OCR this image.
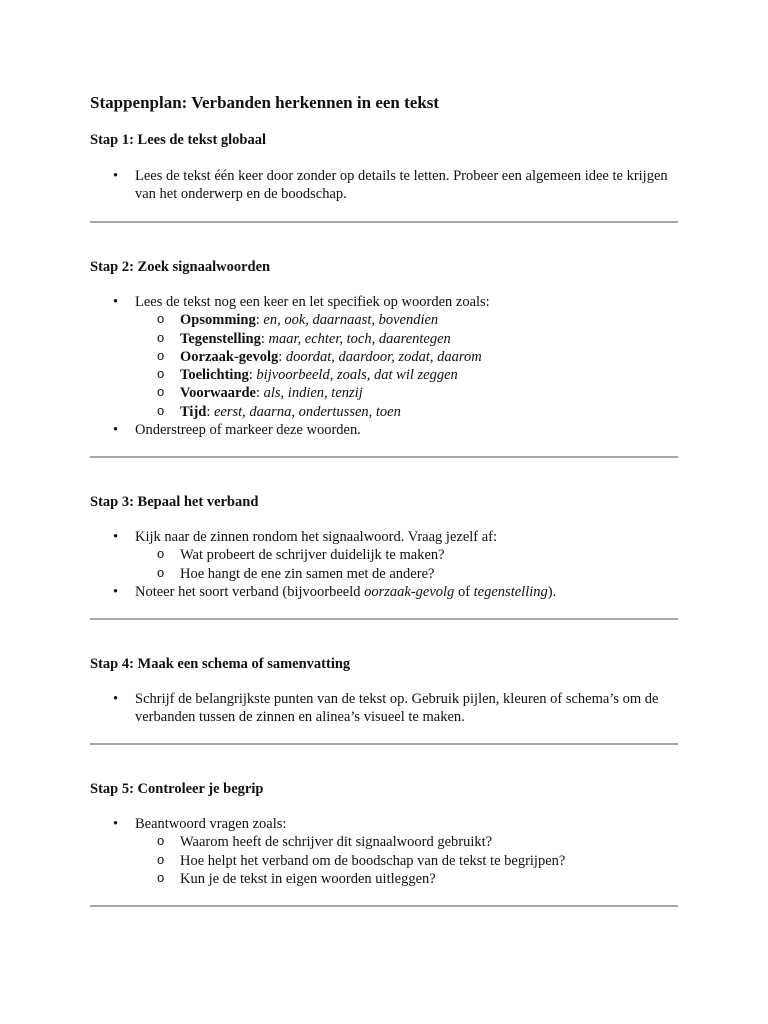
Stappenplan: Verbanden herkennen in een tekst
Stap 1: Lees de tekst globaal
• Lees de tekst één keer door zonder op details te letten. Probeer een algemeen idee te krijgen van het onderwerp en de boodschap.
Stap 2: Zoek signaalwoorden
• Lees de tekst nog een keer en let specifiek op woorden zoals:
o Opsomming: en, ook, daarnaast, bovendien
o Tegenstelling: maar, echter, toch, daarentegen
o Oorzaak-gevolg: doordat, daardoor, zodat, daarom
o Toelichting: bijvoorbeeld, zoals, dat wil zeggen
o Voorwaarde: als, indien, tenzij
o Tijd: eerst, daarna, ondertussen, toen
• Onderstreep of markeer deze woorden.
Stap 3: Bepaal het verband
• Kijk naar de zinnen rondom het signaalwoord. Vraag jezelf af:
o Wat probeert de schrijver duidelijk te maken?
o Hoe hangt de ene zin samen met de andere?
• Noteer het soort verband (bijvoorbeeld oorzaak-gevolg of tegenstelling).
Stap 4: Maak een schema of samenvatting
• Schrijf de belangrijkste punten van de tekst op. Gebruik pijlen, kleuren of schema’s om de verbanden tussen de zinnen en alinea’s visueel te maken.
Stap 5: Controleer je begrip
• Beantwoord vragen zoals:
o Waarom heeft de schrijver dit signaalwoord gebruikt?
o Hoe helpt het verband om de boodschap van de tekst te begrijpen?
o Kun je de tekst in eigen woorden uitleggen?
